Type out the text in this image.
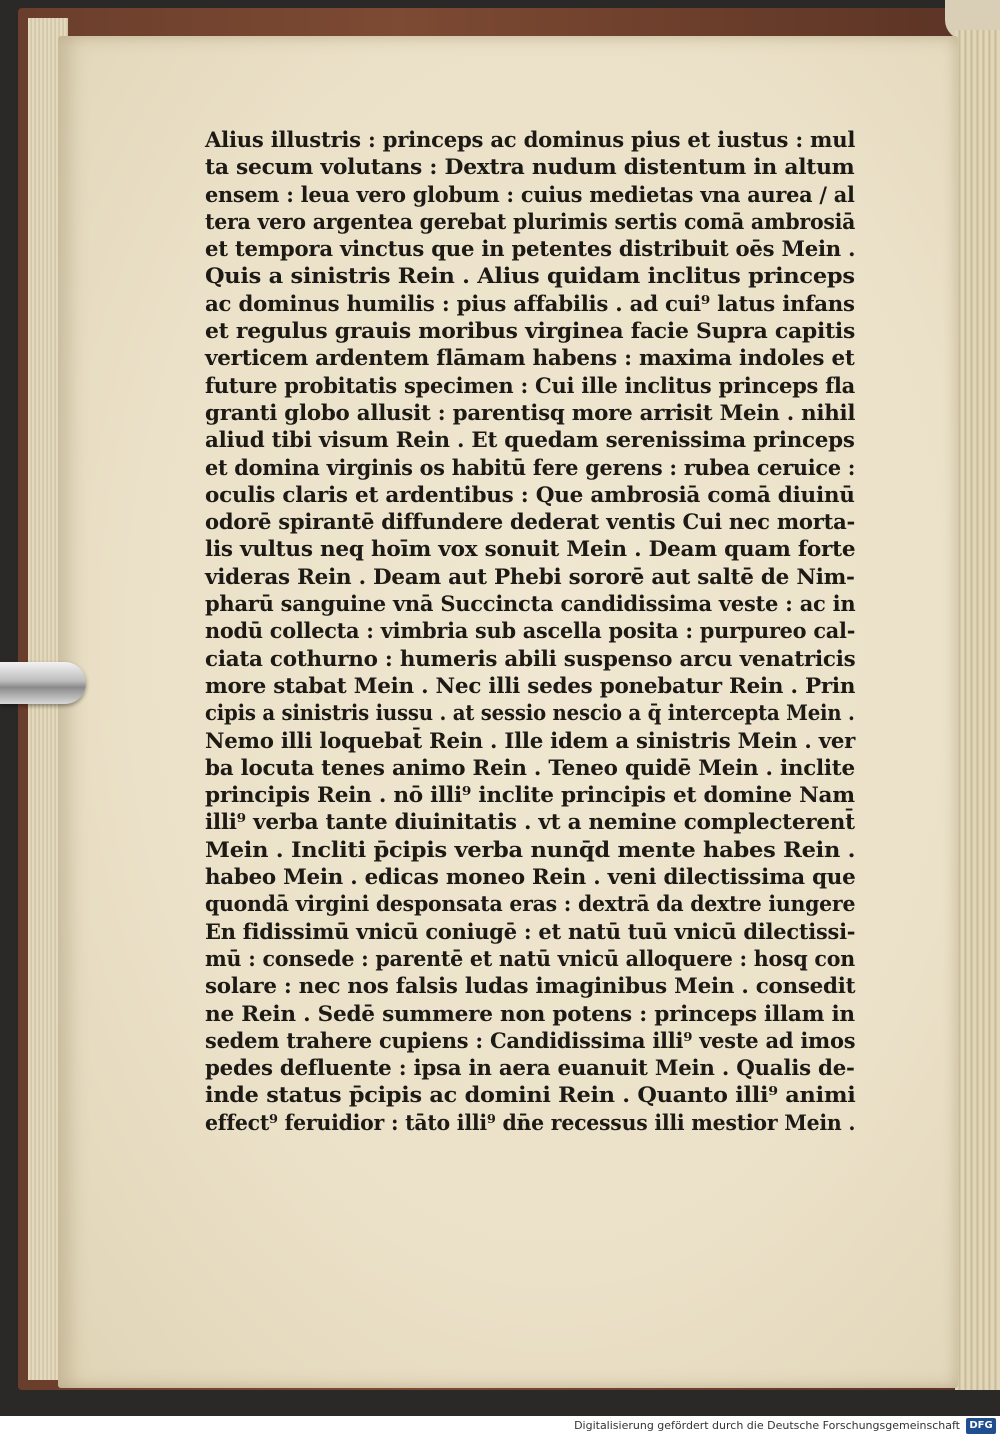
Alius illustris : princeps ac dominus pius et iustus : mul
ta secum volutans : Dextra nudum distentum in altum
ensem : leua vero globum : cuius medietas vna aurea / al
tera vero argentea gerebat plurimis sertis comā ambrosiā
et tempora vinctus que in petentes distribuit oēs Mein .
Quis a sinistris Rein . Alius quidam inclitus princeps
ac dominus humilis : pius affabilis . ad cui⁹ latus infans
et regulus grauis moribus virginea facie Supra capitis
verticem ardentem flāmam habens : maxima indoles et
future probitatis specimen : Cui ille inclitus princeps fla
granti globo allusit : parentisq̧ more arrisit Mein . nihil
aliud tibi visum Rein . Et quedam serenissima princeps
et domina virginis os habitū fere gerens : rubea ceruice :
oculis claris et ardentibus : Que ambrosiā comā diuinū
odorē spirantē diffundere dederat ventis Cui nec morta-
lis vultus neq̧ hoīm vox sonuit Mein . Deam quam forte
videras Rein . Deam aut Phebi sororē aut saltē de Nim-
pharū sanguine vnā Succincta candidissima veste : ac in
nodū collecta : vimbria sub ascella posita : purpureo cal-
ciata cothurno : humeris abili suspenso arcu venatricis
more stabat Mein . Nec illi sedes ponebatur Rein . Prin
cipis a sinistris iussu . at sessio nescio a q̄ intercepta Mein .
Nemo illi loquebat̄ Rein . Ille idem a sinistris Mein . ver
ba locuta tenes animo Rein . Teneo quidē Mein . inclite
principis Rein . nō illi⁹ inclite principis et domine Nam
illi⁹ verba tante diuinitatis . vt a nemine complecterent̄
Mein . Incliti p̄cipis verba nunq̄d mente habes Rein .
habeo Mein . edicas moneo Rein . veni dilectissima que
quondā virgini desponsata eras : dextrā da dextre iungere
En fidissimū vnicū coniugē : et natū tuū vnicū dilectissi-
mū : consede : parentē et natū vnicū alloquere : hosq̧ con
solare : nec nos falsis ludas imaginibus Mein . consedit
ne Rein . Sedē summere non potens : princeps illam in
sedem trahere cupiens : Candidissima illi⁹ veste ad imos
pedes defluente : ipsa in aera euanuit Mein . Qualis de-
inde status p̄cipis ac domini Rein . Quanto illi⁹ animi
effect⁹ feruidior : tāto illi⁹ dn̄e recessus illi mestior Mein .
Digitalisierung gefördert durch die Deutsche Forschungsgemeinschaft DFG
